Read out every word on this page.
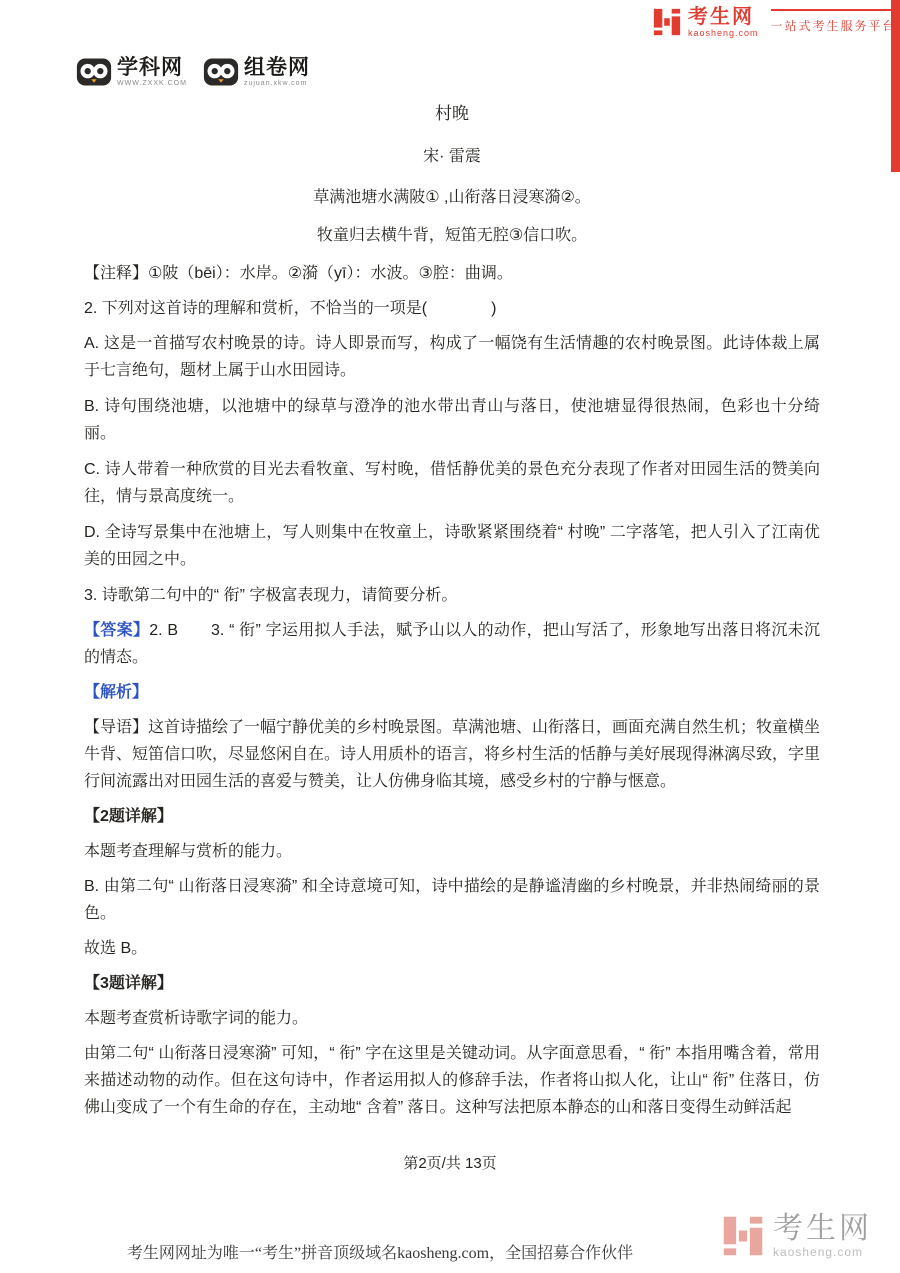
考生网
kaosheng.com 一站式考生服务平台
学科网
WWW.ZXXK.COM
组卷网
zujuan.xkw.com
村晚
宋· 雷震
草满池塘水满陂① ,山衔落日浸寒漪②。
牧童归去横牛背，短笛无腔③信口吹。

【注释】①陂（bēi）：水岸。②漪（yī）：水波。③腔：曲调。

2. 下列对这首诗的理解和赏析，不恰当的一项是(　　　　)

A. 这是一首描写农村晚景的诗。诗人即景而写，构成了一幅饶有生活情趣的农村晚景图。此诗体裁上属于七言绝句，题材上属于山水田园诗。

B. 诗句围绕池塘，以池塘中的绿草与澄净的池水带出青山与落日，使池塘显得很热闹，色彩也十分绮丽。

C. 诗人带着一种欣赏的目光去看牧童、写村晚，借恬静优美的景色充分表现了作者对田园生活的赞美向往，情与景高度统一。

D. 全诗写景集中在池塘上，写人则集中在牧童上，诗歌紧紧围绕着“ 村晚” 二字落笔，把人引入了江南优美的田园之中。

3. 诗歌第二句中的“ 衔” 字极富表现力，请简要分析。

【答案】2. B　　3. “ 衔” 字运用拟人手法，赋予山以人的动作，把山写活了，形象地写出落日将沉未沉的情态。

【解析】

【导语】这首诗描绘了一幅宁静优美的乡村晚景图。草满池塘、山衔落日，画面充满自然生机；牧童横坐牛背、短笛信口吹，尽显悠闲自在。诗人用质朴的语言，将乡村生活的恬静与美好展现得淋漓尽致，字里行间流露出对田园生活的喜爱与赞美，让人仿佛身临其境，感受乡村的宁静与惬意。

【2题详解】

本题考查理解与赏析的能力。

B. 由第二句“ 山衔落日浸寒漪” 和全诗意境可知，诗中描绘的是静谧清幽的乡村晚景，并非热闹绮丽的景色。

故选 B。

【3题详解】

本题考查赏析诗歌字词的能力。

由第二句“ 山衔落日浸寒漪” 可知，“ 衔” 字在这里是关键动词。从字面意思看，“ 衔” 本指用嘴含着，常用来描述动物的动作。但在这句诗中，作者运用拟人的修辞手法，作者将山拟人化，让山“ 衔” 住落日，仿佛山变成了一个有生命的存在，主动地“ 含着” 落日。这种写法把原本静态的山和落日变得生动鲜活起

第2页/共 13页
考生网
kaosheng.com
考生网网址为唯一“考生”拼音顶级域名kaosheng.com，全国招募合作伙伴
